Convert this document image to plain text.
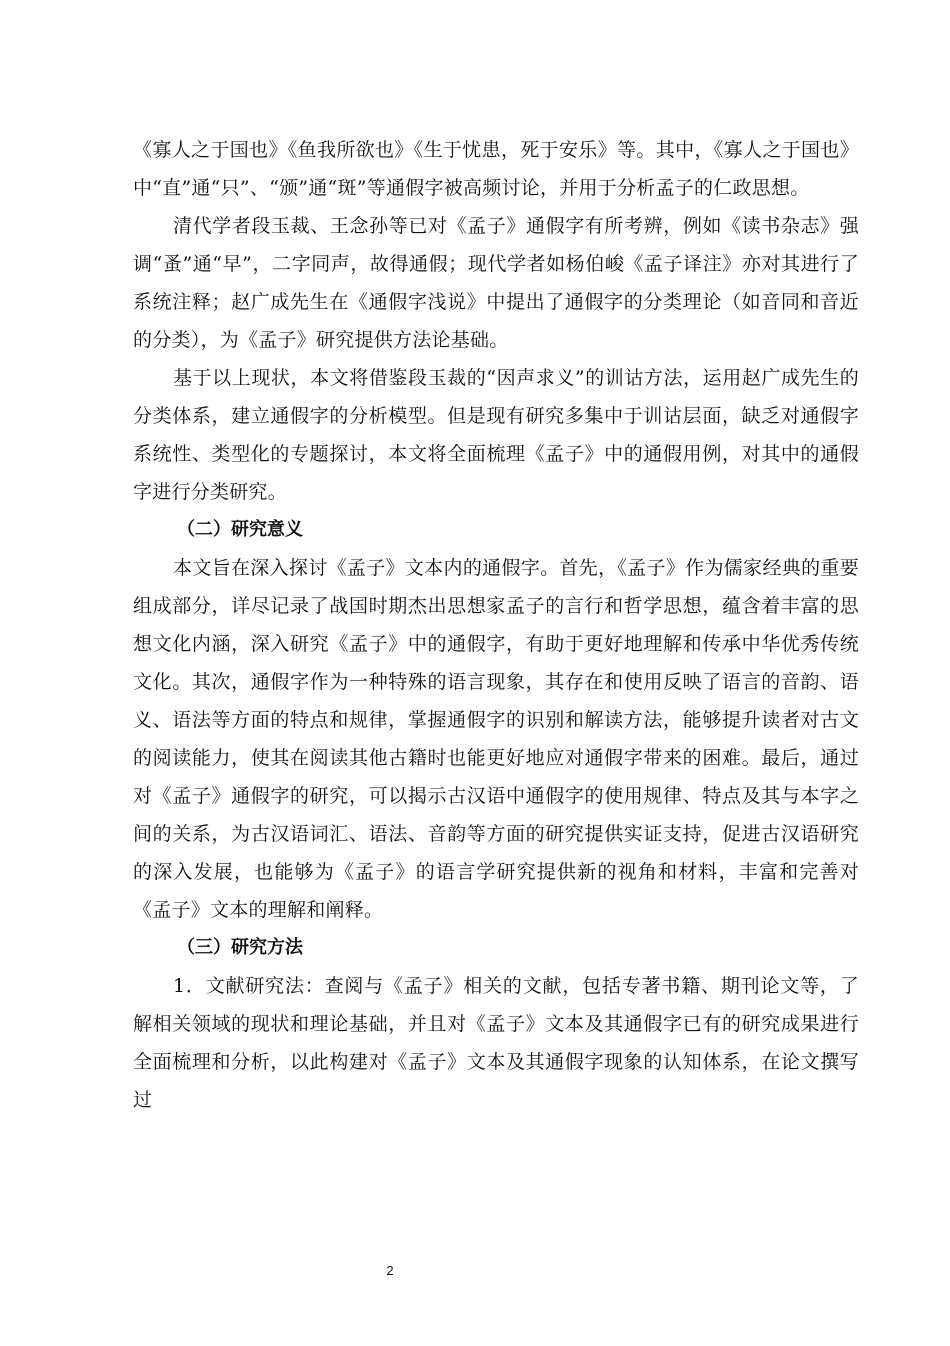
《寡人之于国也》《鱼我所欲也》《生于忧患，死于安乐》等。其中，《寡人之于国也》中“直”通“只”、“颁”通“斑”等通假字被高频讨论，并用于分析孟子的仁政思想。

清代学者段玉裁、王念孙等已对《孟子》通假字有所考辨，例如《读书杂志》强调“蚤”通“早”，二字同声，故得通假；现代学者如杨伯峻《孟子译注》亦对其进行了系统注释；赵广成先生在《通假字浅说》中提出了通假字的分类理论（如音同和音近的分类），为《孟子》研究提供方法论基础。

基于以上现状，本文将借鉴段玉裁的“因声求义”的训诂方法，运用赵广成先生的分类体系，建立通假字的分析模型。但是现有研究多集中于训诂层面，缺乏对通假字系统性、类型化的专题探讨，本文将全面梳理《孟子》中的通假用例，对其中的通假字进行分类研究。

（二）研究意义

本文旨在深入探讨《孟子》文本内的通假字。首先，《孟子》作为儒家经典的重要组成部分，详尽记录了战国时期杰出思想家孟子的言行和哲学思想，蕴含着丰富的思想文化内涵，深入研究《孟子》中的通假字，有助于更好地理解和传承中华优秀传统文化。其次，通假字作为一种特殊的语言现象，其存在和使用反映了语言的音韵、语义、语法等方面的特点和规律，掌握通假字的识别和解读方法，能够提升读者对古文的阅读能力，使其在阅读其他古籍时也能更好地应对通假字带来的困难。最后，通过对《孟子》通假字的研究，可以揭示古汉语中通假字的使用规律、特点及其与本字之间的关系，为古汉语词汇、语法、音韵等方面的研究提供实证支持，促进古汉语研究的深入发展，也能够为《孟子》的语言学研究提供新的视角和材料，丰富和完善对《孟子》文本的理解和阐释。

（三）研究方法

1．文献研究法：查阅与《孟子》相关的文献，包括专著书籍、期刊论文等，了解相关领域的现状和理论基础，并且对《孟子》文本及其通假字已有的研究成果进行全面梳理和分析，以此构建对《孟子》文本及其通假字现象的认知体系，在论文撰写过

2
